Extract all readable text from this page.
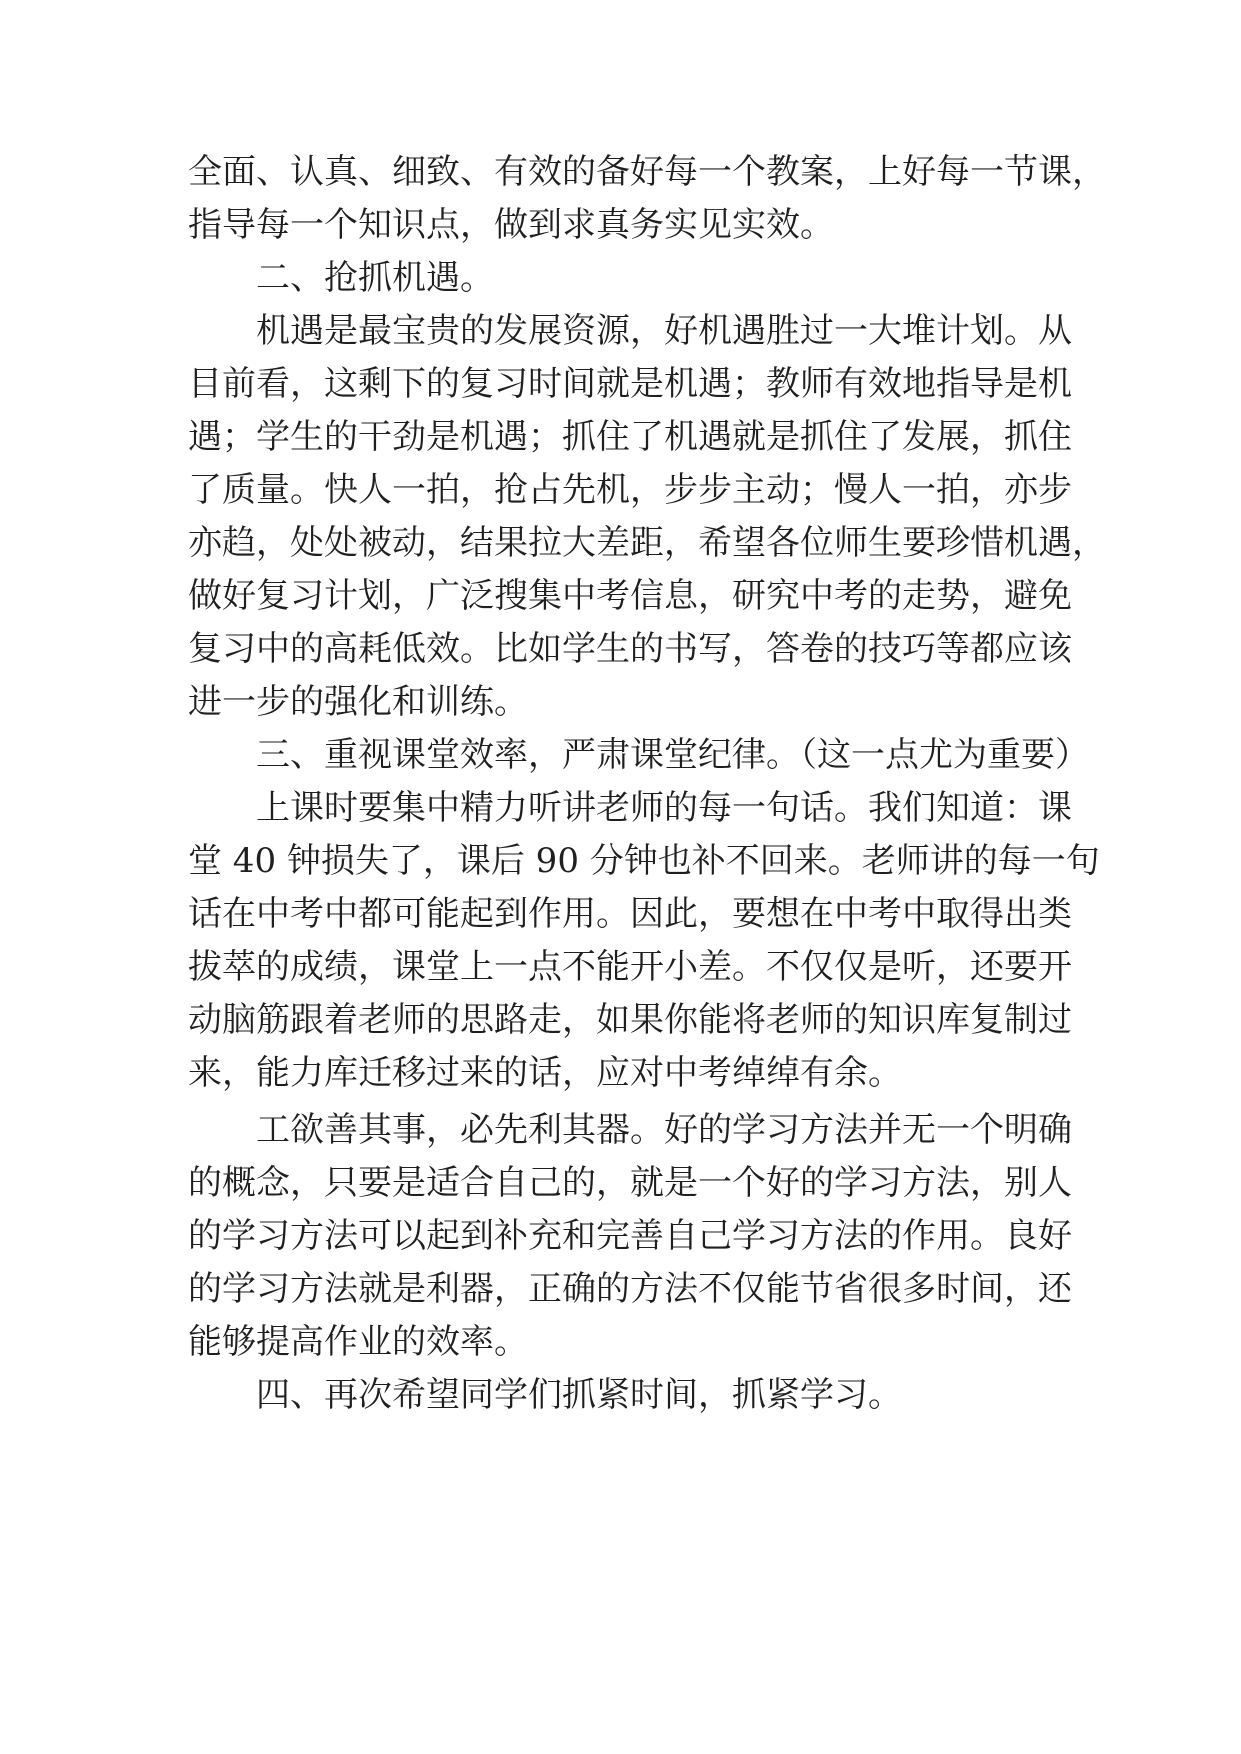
全面、认真、细致、有效的备好每一个教案，上好每一节课，

指导每一个知识点，做到求真务实见实效。

二、抢抓机遇。

机遇是最宝贵的发展资源，好机遇胜过一大堆计划。从

目前看，这剩下的复习时间就是机遇；教师有效地指导是机

遇；学生的干劲是机遇；抓住了机遇就是抓住了发展，抓住

了质量。快人一拍，抢占先机，步步主动；慢人一拍，亦步

亦趋，处处被动，结果拉大差距，希望各位师生要珍惜机遇，

做好复习计划，广泛搜集中考信息，研究中考的走势，避免

复习中的高耗低效。比如学生的书写，答卷的技巧等都应该

进一步的强化和训练。

三、重视课堂效率，严肃课堂纪律。（这一点尤为重要）

上课时要集中精力听讲老师的每一句话。我们知道：课

堂 40 钟损失了，课后 90 分钟也补不回来。老师讲的每一句

话在中考中都可能起到作用。因此，要想在中考中取得出类

拔萃的成绩，课堂上一点不能开小差。不仅仅是听，还要开

动脑筋跟着老师的思路走，如果你能将老师的知识库复制过

来，能力库迁移过来的话，应对中考绰绰有余。

工欲善其事，必先利其器。好的学习方法并无一个明确

的概念，只要是适合自己的，就是一个好的学习方法，别人

的学习方法可以起到补充和完善自己学习方法的作用。良好

的学习方法就是利器，正确的方法不仅能节省很多时间，还

能够提高作业的效率。

四、再次希望同学们抓紧时间，抓紧学习。
